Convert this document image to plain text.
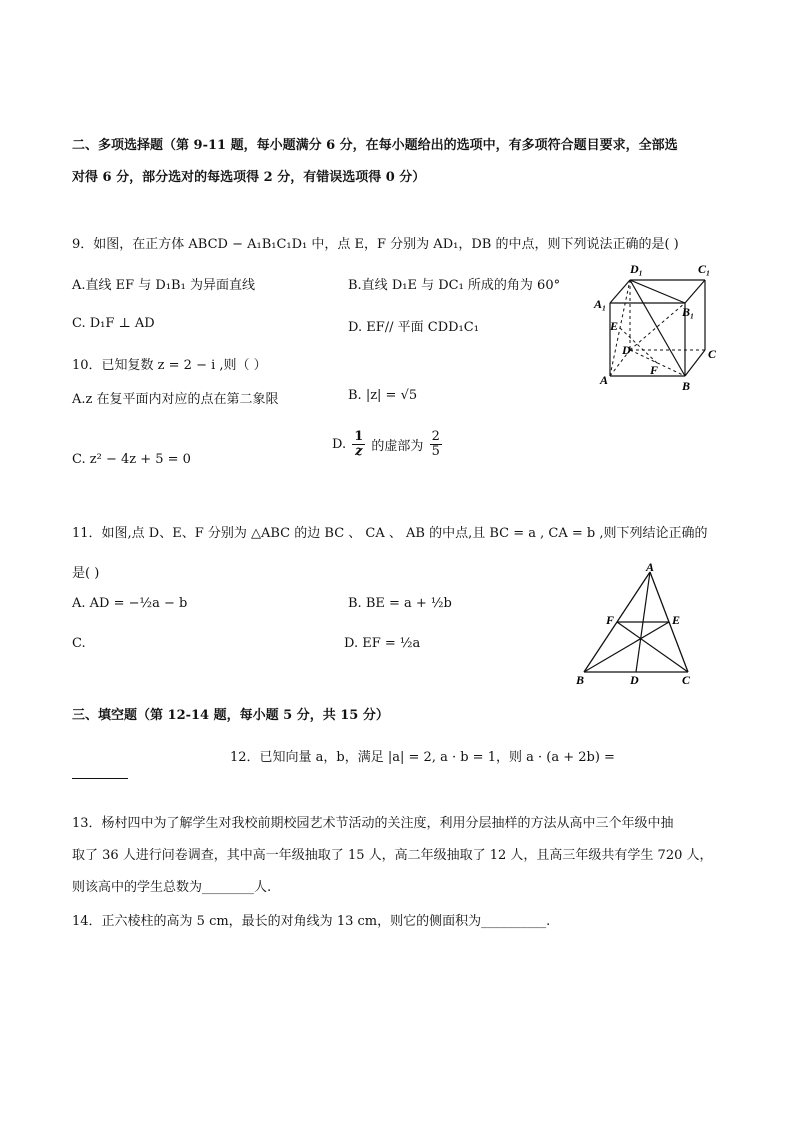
二、多项选择题（第 9-11 题，每小题满分 6 分，在每小题给出的选项中，有多项符合题目要求，全部选
对得 6 分，部分选对的每选项得 2 分，有错误选项得 0 分）
9．如图，在正方体 ABCD − A₁B₁C₁D₁ 中，点 E，F 分别为 AD₁，DB 的中点，则下列说法正确的是( )
A.直线 EF 与 D₁B₁ 为异面直线	B.直线 D₁E 与 DC₁ 所成的角为 60°
C. D₁F ⊥ AD	D. EF// 平面 CDD₁C₁
D₁	C₁
A₁
B₁
E
D	C
A
F
B
10．已知复数 z = 2 − i ,则（ ）
A.z 在复平面内对应的点在第二象限	B. |z| = √5
C. z² − 4z + 5 = 0
D. $\frac{1}{z}$ 的虚部为 $\frac{2}{5}$
11．如图,点 D、E、F 分别为 △ABC 的边 BC 、 CA 、 AB 的中点,且 BC = a , CA = b ,则下列结论正确的
是( )
A. AD = −½a − b	B. BE = a + ½b
C.	D. EF = ½a
A
F	E
B	D	C
三、填空题（第 12-14 题，每小题 5 分，共 15 分）
12．已知向量 a，b，满足 |a| = 2, a · b = 1，则 a · (a + 2b) =
13．杨村四中为了解学生对我校前期校园艺术节活动的关注度，利用分层抽样的方法从高中三个年级中抽
取了 36 人进行问卷调查，其中高一年级抽取了 15 人，高二年级抽取了 12 人，且高三年级共有学生 720 人，
则该高中的学生总数为________人.
14．正六棱柱的高为 5 cm，最长的对角线为 13 cm，则它的侧面积为__________.
